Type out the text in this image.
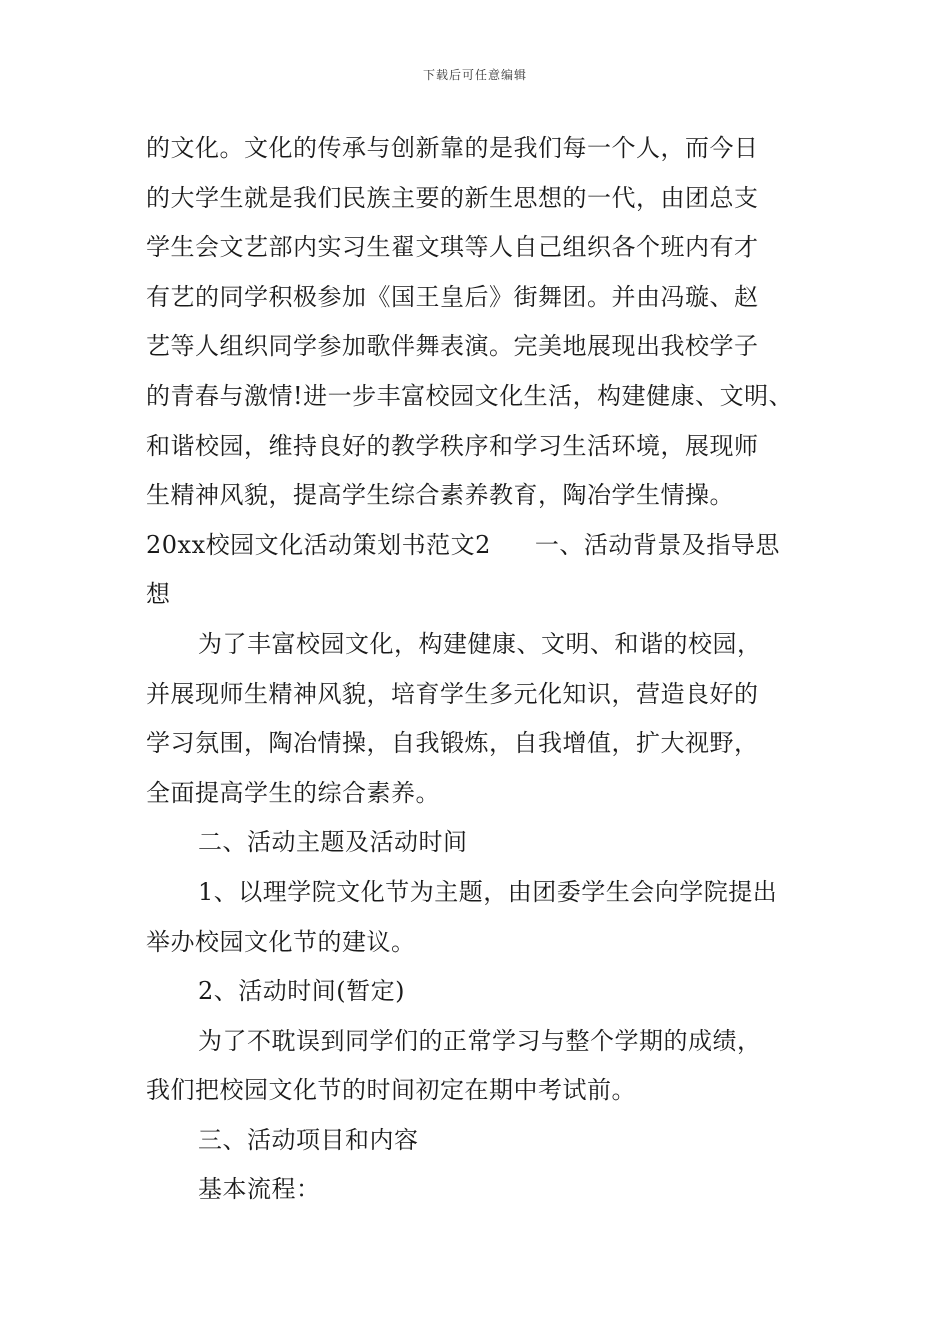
下载后可任意编辑
的文化。文化的传承与创新靠的是我们每一个人，而今日
的大学生就是我们民族主要的新生思想的一代，由团总支
学生会文艺部内实习生翟文琪等人自己组织各个班内有才
有艺的同学积极参加《国王皇后》街舞团。并由冯璇、赵
艺等人组织同学参加歌伴舞表演。完美地展现出我校学子
的青春与激情!进一步丰富校园文化生活，构建健康、文明、
和谐校园，维持良好的教学秩序和学习生活环境，展现师
生精神风貌，提高学生综合素养教育，陶冶学生情操。
20xx校园文化活动策划书范文2 一、活动背景及指导思
想
为了丰富校园文化，构建健康、文明、和谐的校园，
并展现师生精神风貌，培育学生多元化知识，营造良好的
学习氛围，陶冶情操，自我锻炼，自我增值，扩大视野，
全面提高学生的综合素养。
二、活动主题及活动时间
1、以理学院文化节为主题，由团委学生会向学院提出
举办校园文化节的建议。
2、活动时间(暂定)
为了不耽误到同学们的正常学习与整个学期的成绩，
我们把校园文化节的时间初定在期中考试前。
三、活动项目和内容
基本流程：
